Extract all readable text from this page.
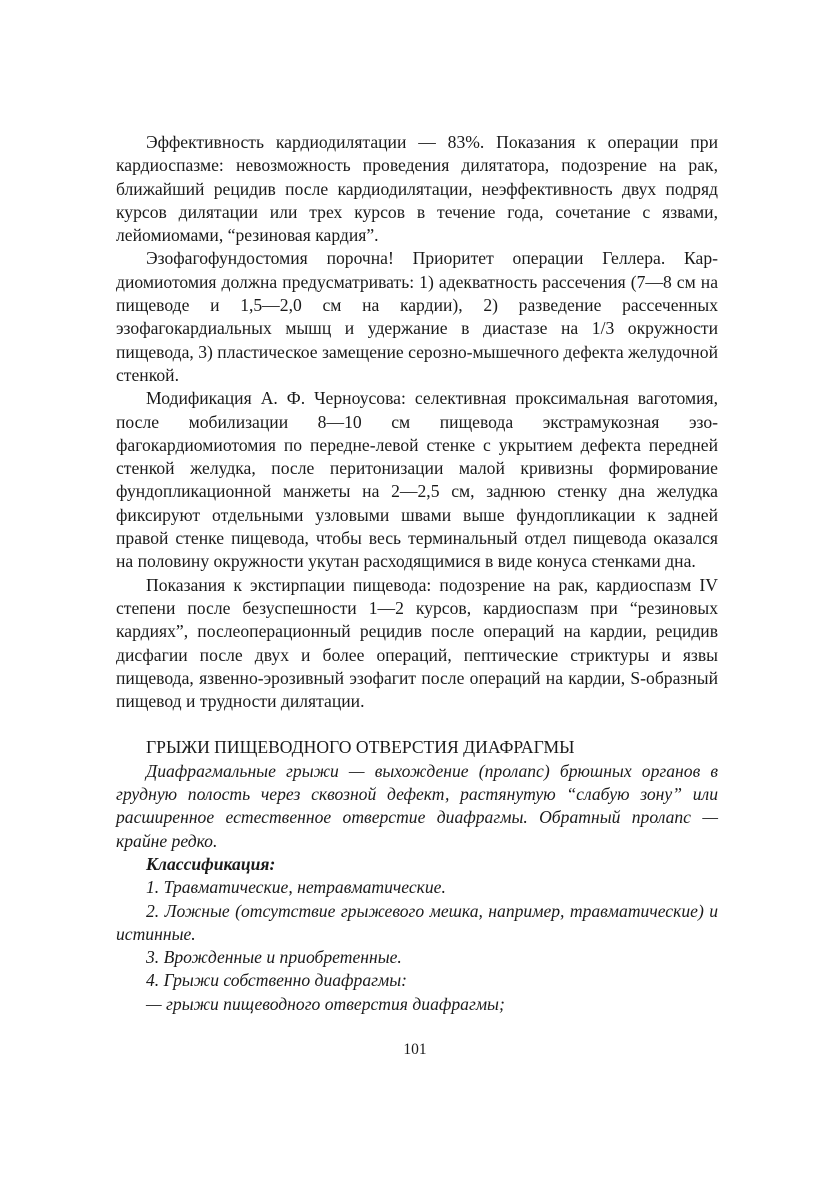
Эффективность кардиодилятации — 83%. Показания к операции при кардиоспазме: невозможность проведения дилятатора, подозрение на рак, ближайший рецидив после кардиодилятации, неэффективность двух подряд курсов дилятации или трех курсов в течение года, сочетание с язвами, лейомиомами, “резиновая кардия”.

Эзофагофундостомия порочна! Приоритет операции Геллера. Кардиомиотомия должна предусматривать: 1) адекватность рассечения (7—8 см на пищеводе и 1,5—2,0 см на кардии), 2) разведение рассеченных эзофагокардиальных мышц и удержание в диастазе на 1/3 окружности пищевода, 3) пластическое замещение серозно-мышечного дефекта желудочной стенкой.

Модификация А. Ф. Черноусова: селективная проксимальная ваготомия, после мобилизации 8—10 см пищевода экстрамукозная эзофагокардиомиотомия по передне-левой стенке с укрытием дефекта передней стенкой желудка, после перитонизации малой кривизны формирование фундопликационной манжеты на 2—2,5 см, заднюю стенку дна желудка фиксируют отдельными узловыми швами выше фундопликации к задней правой стенке пищевода, чтобы весь терминальный отдел пищевода оказался на половину окружности укутан расходящимися в виде конуса стенками дна.

Показания к экстирпации пищевода: подозрение на рак, кардиоспазм IV степени после безуспешности 1—2 курсов, кардиоспазм при “резиновых кардиях”, послеоперационный рецидив после операций на кардии, рецидив дисфагии после двух и более операций, пептические стриктуры и язвы пищевода, язвенно-эрозивный эзофагит после операций на кардии, S-образный пищевод и трудности дилятации.

ГРЫЖИ ПИЩЕВОДНОГО ОТВЕРСТИЯ ДИАФРАГМЫ

Диафрагмальные грыжи — выхождение (пролапс) брюшных органов в грудную полость через сквозной дефект, растянутую “слабую зону” или расширенное естественное отверстие диафрагмы. Обратный пролапс — крайне редко.

Классификация:

1. Травматические, нетравматические.

2. Ложные (отсутствие грыжевого мешка, например, травматические) и истинные.

3. Врожденные и приобретенные.

4. Грыжи собственно диафрагмы:

— грыжи пищеводного отверстия диафрагмы;

101
